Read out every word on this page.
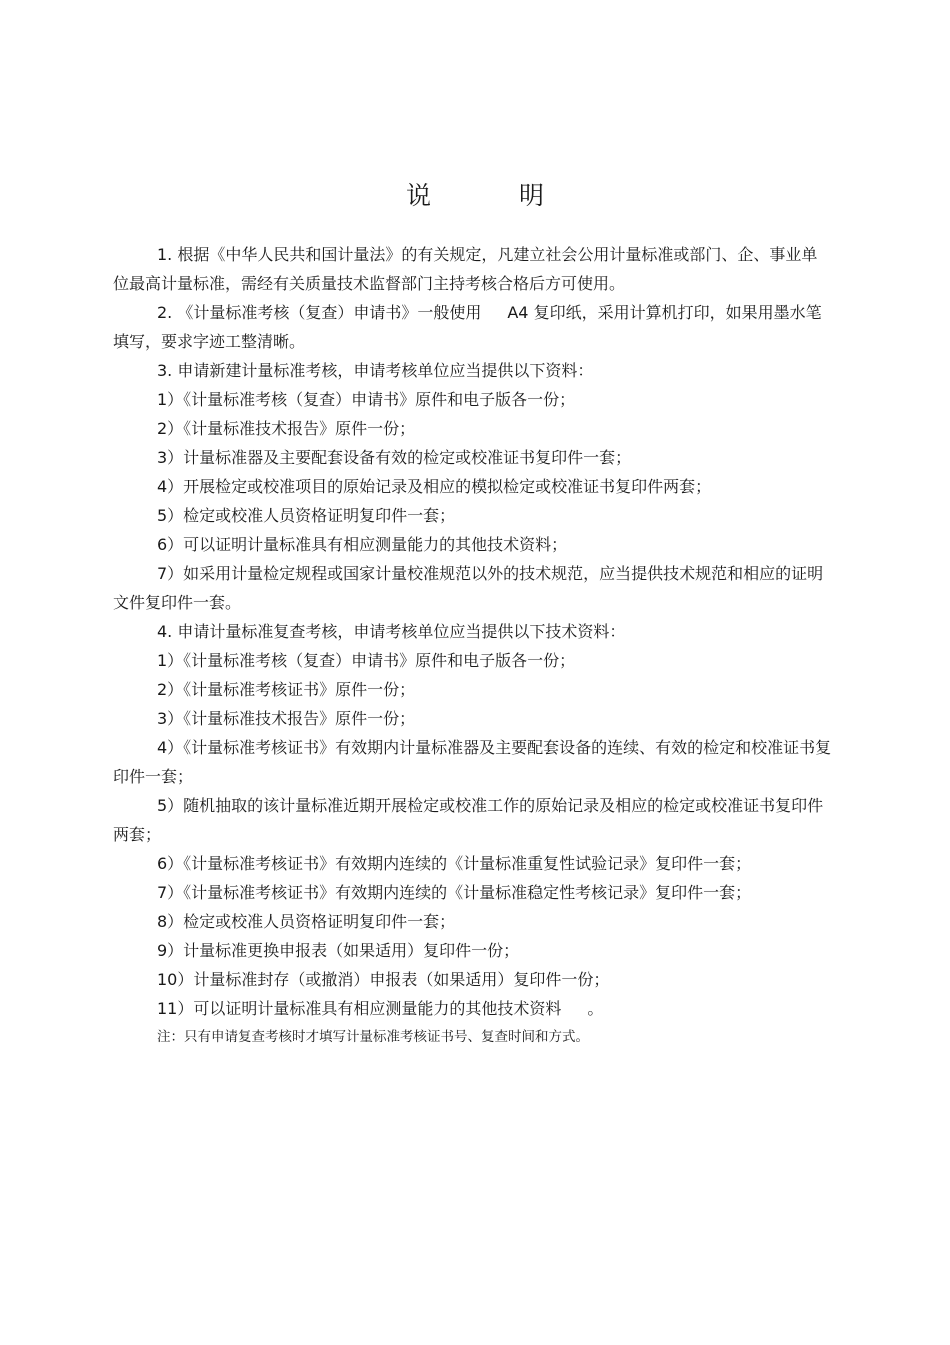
说	明

1. 根据《中华人民共和国计量法》的有关规定，凡建立社会公用计量标准或部门、企、事业单位最高计量标准，需经有关质量技术监督部门主持考核合格后方可使用。

2. 《计量标准考核（复查）申请书》一般使用 A4 复印纸，采用计算机打印，如果用墨水笔填写，要求字迹工整清晰。

3. 申请新建计量标准考核，申请考核单位应当提供以下资料：

1）《计量标准考核（复查）申请书》原件和电子版各一份；

2）《计量标准技术报告》原件一份；

3）计量标准器及主要配套设备有效的检定或校准证书复印件一套；

4）开展检定或校准项目的原始记录及相应的模拟检定或校准证书复印件两套；

5）检定或校准人员资格证明复印件一套；

6）可以证明计量标准具有相应测量能力的其他技术资料；

7）如采用计量检定规程或国家计量校准规范以外的技术规范，应当提供技术规范和相应的证明文件复印件一套。

4. 申请计量标准复查考核，申请考核单位应当提供以下技术资料：

1）《计量标准考核（复查）申请书》原件和电子版各一份；

2）《计量标准考核证书》原件一份；

3）《计量标准技术报告》原件一份；

4）《计量标准考核证书》有效期内计量标准器及主要配套设备的连续、有效的检定和校准证书复印件一套；

5）随机抽取的该计量标准近期开展检定或校准工作的原始记录及相应的检定或校准证书复印件两套；

6）《计量标准考核证书》有效期内连续的《计量标准重复性试验记录》复印件一套；

7）《计量标准考核证书》有效期内连续的《计量标准稳定性考核记录》复印件一套；

8）检定或校准人员资格证明复印件一套；

9）计量标准更换申报表（如果适用）复印件一份；

10）计量标准封存（或撤消）申报表（如果适用）复印件一份；

11）可以证明计量标准具有相应测量能力的其他技术资料 。

注：只有申请复查考核时才填写计量标准考核证书号、复查时间和方式。
